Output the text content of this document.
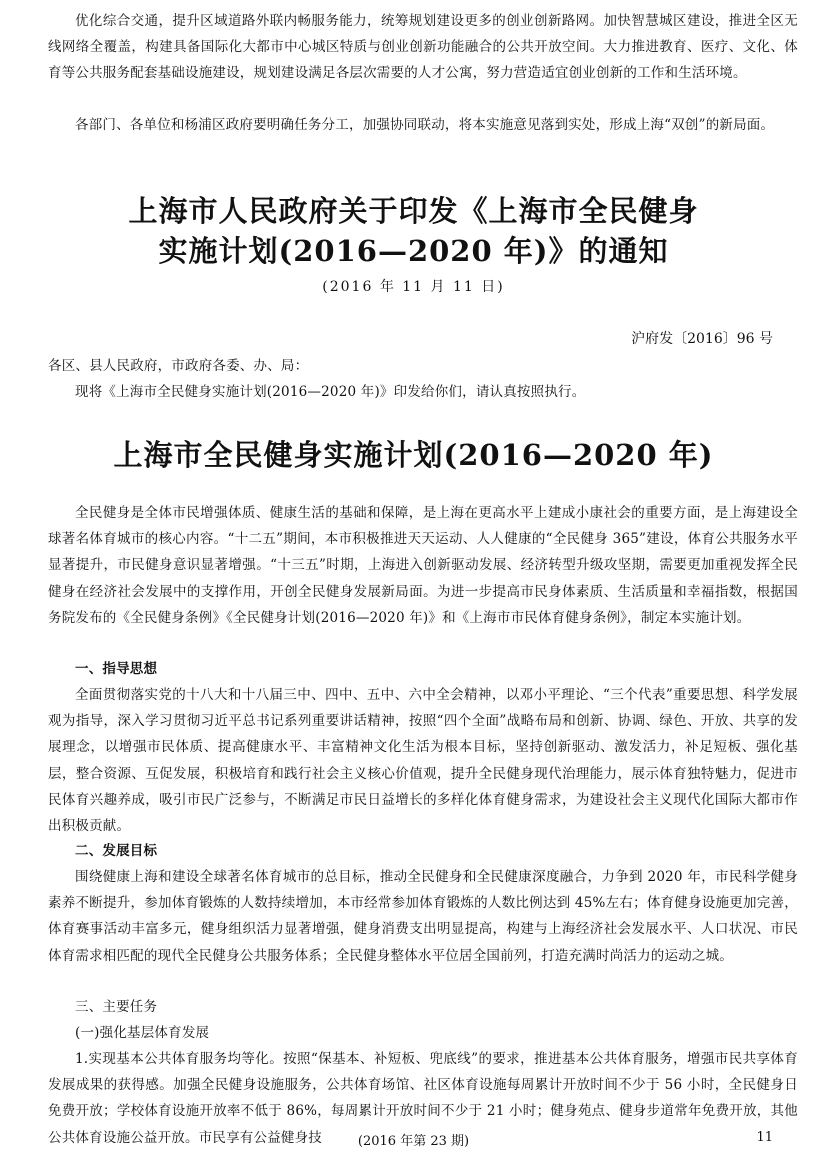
优化综合交通，提升区域道路外联内畅服务能力，统筹规划建设更多的创业创新路网。加快智慧城区建设，推进全区无线网络全覆盖，构建具备国际化大都市中心城区特质与创业创新功能融合的公共开放空间。大力推进教育、医疗、文化、体育等公共服务配套基础设施建设，规划建设满足各层次需要的人才公寓，努力营造适宜创业创新的工作和生活环境。

各部门、各单位和杨浦区政府要明确任务分工，加强协同联动，将本实施意见落到实处，形成上海“双创”的新局面。

上海市人民政府关于印发《上海市全民健身
实施计划(2016—2020 年)》的通知

(2016 年 11 月 11 日)

沪府发〔2016〕96 号

各区、县人民政府，市政府各委、办、局：

现将《上海市全民健身实施计划(2016—2020 年)》印发给你们，请认真按照执行。

上海市全民健身实施计划(2016—2020 年)

全民健身是全体市民增强体质、健康生活的基础和保障，是上海在更高水平上建成小康社会的重要方面，是上海建设全球著名体育城市的核心内容。“十二五”期间，本市积极推进天天运动、人人健康的“全民健身 365”建设，体育公共服务水平显著提升，市民健身意识显著增强。“十三五”时期，上海进入创新驱动发展、经济转型升级攻坚期，需要更加重视发挥全民健身在经济社会发展中的支撑作用，开创全民健身发展新局面。为进一步提高市民身体素质、生活质量和幸福指数，根据国务院发布的《全民健身条例》《全民健身计划(2016—2020 年)》和《上海市市民体育健身条例》，制定本实施计划。

一、指导思想

全面贯彻落实党的十八大和十八届三中、四中、五中、六中全会精神，以邓小平理论、“三个代表”重要思想、科学发展观为指导，深入学习贯彻习近平总书记系列重要讲话精神，按照“四个全面”战略布局和创新、协调、绿色、开放、共享的发展理念，以增强市民体质、提高健康水平、丰富精神文化生活为根本目标，坚持创新驱动、激发活力，补足短板、强化基层，整合资源、互促发展，积极培育和践行社会主义核心价值观，提升全民健身现代治理能力，展示体育独特魅力，促进市民体育兴趣养成，吸引市民广泛参与，不断满足市民日益增长的多样化体育健身需求，为建设社会主义现代化国际大都市作出积极贡献。

二、发展目标

围绕健康上海和建设全球著名体育城市的总目标，推动全民健身和全民健康深度融合，力争到 2020 年，市民科学健身素养不断提升，参加体育锻炼的人数持续增加，本市经常参加体育锻炼的人数比例达到 45%左右；体育健身设施更加完善，体育赛事活动丰富多元，健身组织活力显著增强，健身消费支出明显提高，构建与上海经济社会发展水平、人口状况、市民体育需求相匹配的现代全民健身公共服务体系；全民健身整体水平位居全国前列，打造充满时尚活力的运动之城。

三、主要任务

(一)强化基层体育发展

1.实现基本公共体育服务均等化。按照“保基本、补短板、兜底线”的要求，推进基本公共体育服务，增强市民共享体育发展成果的获得感。加强全民健身设施服务，公共体育场馆、社区体育设施每周累计开放时间不少于 56 小时，全民健身日免费开放；学校体育设施开放率不低于 86%，每周累计开放时间不少于 21 小时；健身苑点、健身步道常年免费开放，其他公共体育设施公益开放。市民享有公益健身技	(2016 年第 23 期)	11
